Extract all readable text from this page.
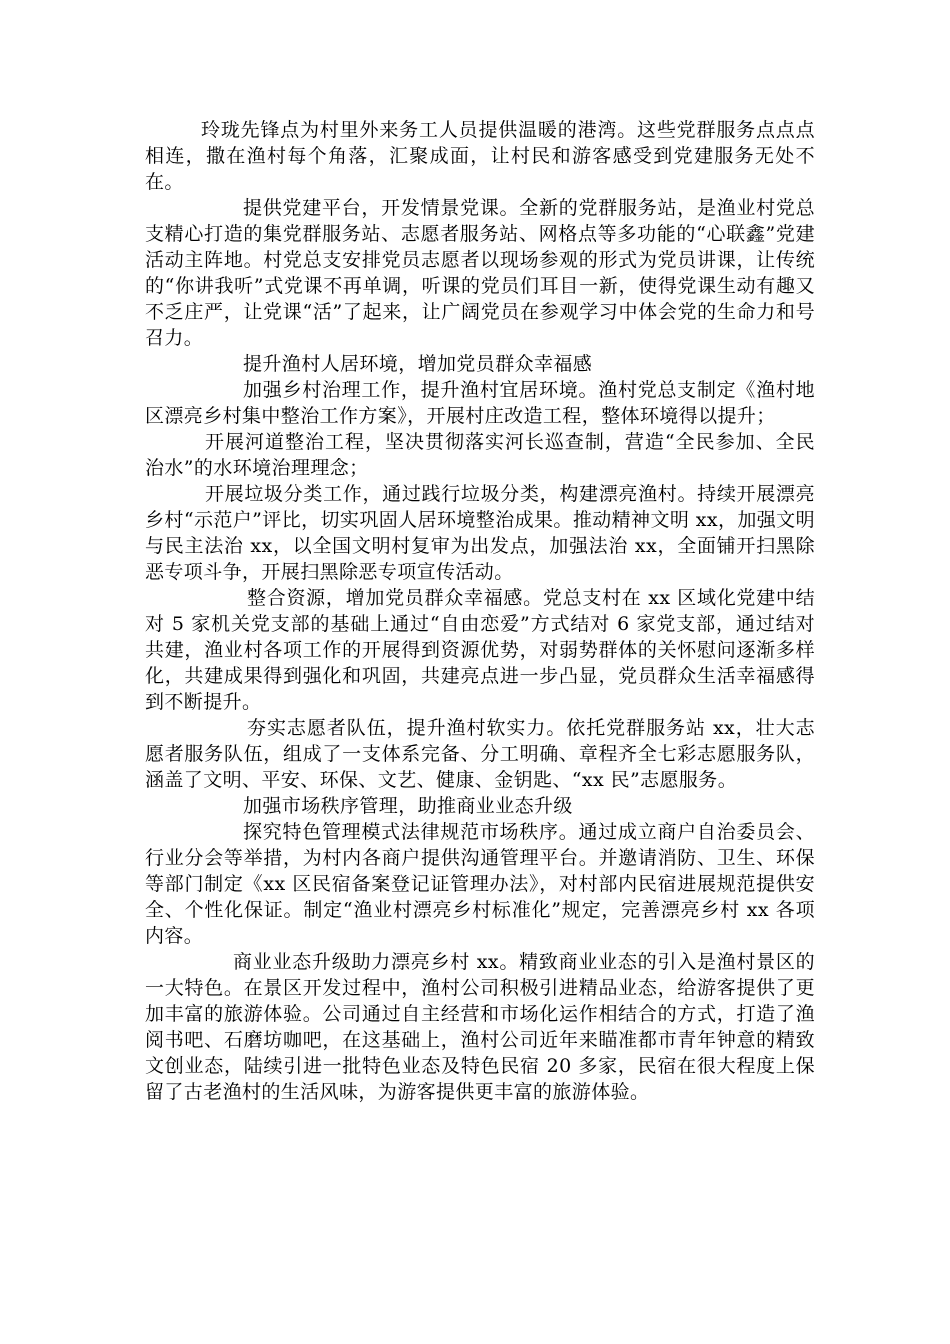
玲珑先锋点为村里外来务工人员提供温暖的港湾。这些党群服务点点点相连，撒在渔村每个角落，汇聚成面，让村民和游客感受到党建服务无处不在。

提供党建平台，开发情景党课。全新的党群服务站，是渔业村党总支精心打造的集党群服务站、志愿者服务站、网格点等多功能的“心联鑫”党建活动主阵地。村党总支安排党员志愿者以现场参观的形式为党员讲课，让传统的“你讲我听”式党课不再单调，听课的党员们耳目一新，使得党课生动有趣又不乏庄严，让党课“活”了起来，让广阔党员在参观学习中体会党的生命力和号召力。

提升渔村人居环境，增加党员群众幸福感

加强乡村治理工作，提升渔村宜居环境。渔村党总支制定《渔村地区漂亮乡村集中整治工作方案》，开展村庄改造工程，整体环境得以提升；

开展河道整治工程，坚决贯彻落实河长巡查制，营造“全民参加、全民治水”的水环境治理理念；

开展垃圾分类工作，通过践行垃圾分类，构建漂亮渔村。持续开展漂亮乡村“示范户”评比，切实巩固人居环境整治成果。推动精神文明 xx，加强文明与民主法治 xx，以全国文明村复审为出发点，加强法治 xx，全面铺开扫黑除恶专项斗争，开展扫黑除恶专项宣传活动。

整合资源，增加党员群众幸福感。党总支村在 xx 区域化党建中结对 5 家机关党支部的基础上通过“自由恋爱”方式结对 6 家党支部，通过结对共建，渔业村各项工作的开展得到资源优势，对弱势群体的关怀慰问逐渐多样化，共建成果得到强化和巩固，共建亮点进一步凸显，党员群众生活幸福感得到不断提升。

夯实志愿者队伍，提升渔村软实力。依托党群服务站 xx，壮大志愿者服务队伍，组成了一支体系完备、分工明确、章程齐全七彩志愿服务队，涵盖了文明、平安、环保、文艺、健康、金钥匙、“xx 民”志愿服务。

加强市场秩序管理，助推商业业态升级

探究特色管理模式法律规范市场秩序。通过成立商户自治委员会、行业分会等举措，为村内各商户提供沟通管理平台。并邀请消防、卫生、环保等部门制定《xx 区民宿备案登记证管理办法》，对村部内民宿进展规范提供安全、个性化保证。制定“渔业村漂亮乡村标准化”规定，完善漂亮乡村 xx 各项内容。

商业业态升级助力漂亮乡村 xx。精致商业业态的引入是渔村景区的一大特色。在景区开发过程中，渔村公司积极引进精品业态，给游客提供了更加丰富的旅游体验。公司通过自主经营和市场化运作相结合的方式，打造了渔阅书吧、石磨坊咖吧，在这基础上，渔村公司近年来瞄准都市青年钟意的精致文创业态，陆续引进一批特色业态及特色民宿 20 多家，民宿在很大程度上保留了古老渔村的生活风味，为游客提供更丰富的旅游体验。
